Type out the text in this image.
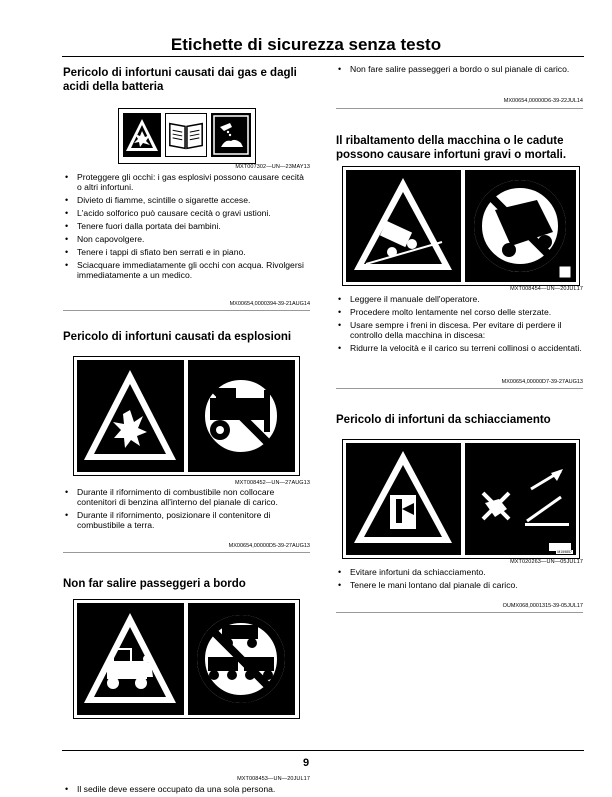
Etichette di sicurezza senza testo
Pericolo di infortuni causati dai gas e dagli acidi della batteria
MXT007302—UN—23MAY13
• Proteggere gli occhi: i gas esplosivi possono causare cecità o altri infortuni.
• Divieto di fiamme, scintille o sigarette accese.
• L'acido solforico può causare cecità o gravi ustioni.
• Tenere fuori dalla portata dei bambini.
• Non capovolgere.
• Tenere i tappi di sfiato ben serrati e in piano.
• Sciacquare immediatamente gli occhi con acqua. Rivolgersi immediatamente a un medico.
MX00654,0000394-39-21AUG14
Pericolo di infortuni causati da esplosioni
MXT008452—UN—27AUG13
• Durante il rifornimento di combustibile non collocare contenitori di benzina all'interno del pianale di carico.
• Durante il rifornimento, posizionare il contenitore di combustibile a terra.
MX00654,00000D5-39-27AUG13
Non far salire passeggeri a bordo
MXT008453—UN—20JUL17
• Il sedile deve essere occupato da una sola persona.
• Non fare salire passeggeri a bordo o sul pianale di carico.
MX00654,00000D6-39-22JUL14
Il ribaltamento della macchina o le cadute possono causare infortuni gravi o mortali.
MXT008454—UN—20JUL17
• Leggere il manuale dell'operatore.
• Procedere molto lentamente nel corso delle sterzate.
• Usare sempre i freni in discesa. Per evitare di perdere il controllo della macchina in discesa:
• Ridurre la velocità e il carico su terreni collinosi o accidentati.
MX00654,00000D7-39-27AUG13
Pericolo di infortuni da schiacciamento
M159857
MXT020263—UN—05JUL17
• Evitare infortuni da schiacciamento.
• Tenere le mani lontano dal pianale di carico.
OUMX068,0001315-39-05JUL17
9
